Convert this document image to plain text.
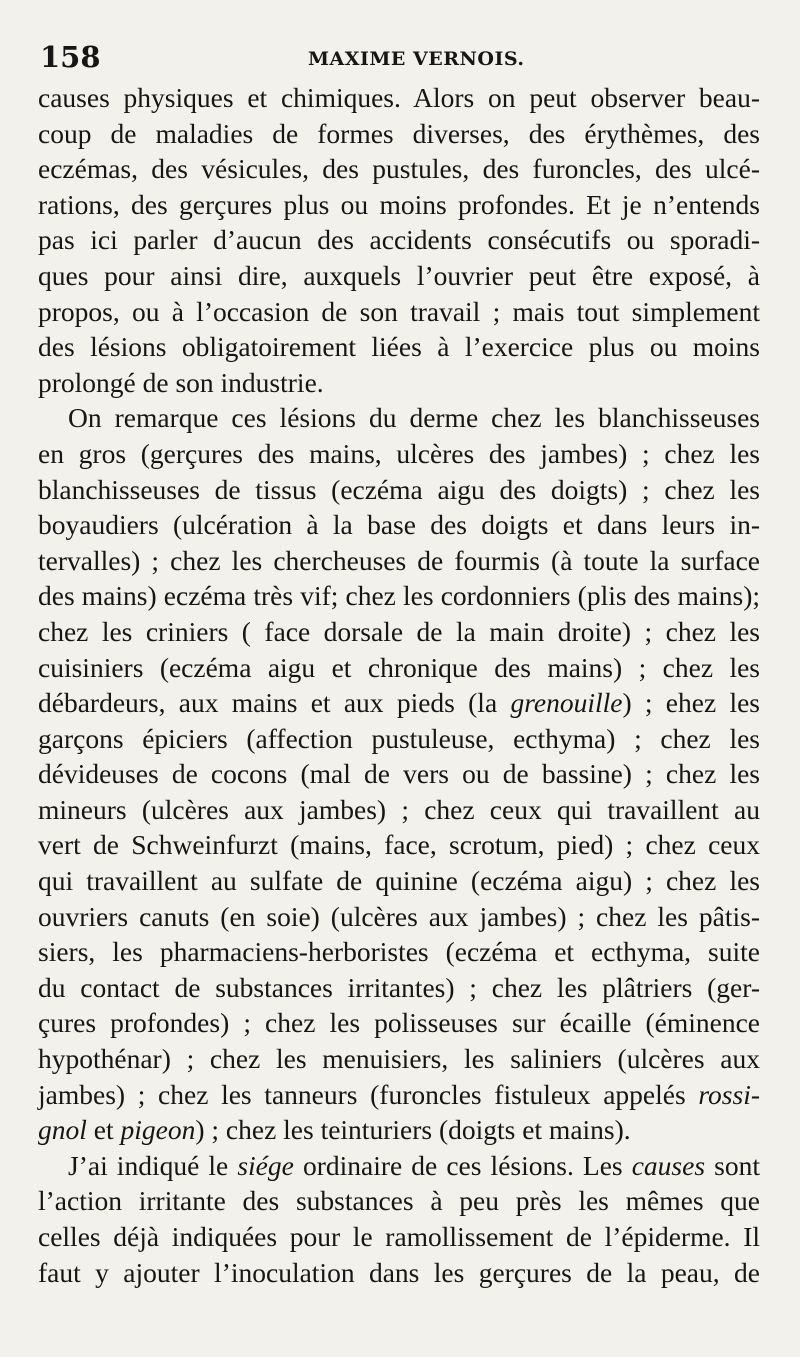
158	MAXIME VERNOIS.
causes physiques et chimiques. Alors on peut observer beau-
coup de maladies de formes diverses, des érythèmes, des
eczémas, des vésicules, des pustules, des furoncles, des ulcé-
rations, des gerçures plus ou moins profondes. Et je n’entends
pas ici parler d’aucun des accidents consécutifs ou sporadi-
ques pour ainsi dire, auxquels l’ouvrier peut être exposé, à
propos, ou à l’occasion de son travail ; mais tout simplement
des lésions obligatoirement liées à l’exercice plus ou moins
prolongé de son industrie.
On remarque ces lésions du derme chez les blanchisseuses
en gros (gerçures des mains, ulcères des jambes) ; chez les
blanchisseuses de tissus (eczéma aigu des doigts) ; chez les
boyaudiers (ulcération à la base des doigts et dans leurs in-
tervalles) ; chez les chercheuses de fourmis (à toute la surface
des mains) eczéma très vif; chez les cordonniers (plis des mains);
chez les criniers ( face dorsale de la main droite) ; chez les
cuisiniers (eczéma aigu et chronique des mains) ; chez les
débardeurs, aux mains et aux pieds (la grenouille) ; ehez les
garçons épiciers (affection pustuleuse, ecthyma) ; chez les
dévideuses de cocons (mal de vers ou de bassine) ; chez les
mineurs (ulcères aux jambes) ; chez ceux qui travaillent au
vert de Schweinfurzt (mains, face, scrotum, pied) ; chez ceux
qui travaillent au sulfate de quinine (eczéma aigu) ; chez les
ouvriers canuts (en soie) (ulcères aux jambes) ; chez les pâtis-
siers, les pharmaciens-herboristes (eczéma et ecthyma, suite
du contact de substances irritantes) ; chez les plâtriers (ger-
çures profondes) ; chez les polisseuses sur écaille (éminence
hypothénar) ; chez les menuisiers, les saliniers (ulcères aux
jambes) ; chez les tanneurs (furoncles fistuleux appelés rossi-
gnol et pigeon) ; chez les teinturiers (doigts et mains).
J’ai indiqué le siége ordinaire de ces lésions. Les causes sont
l’action irritante des substances à peu près les mêmes que
celles déjà indiquées pour le ramollissement de l’épiderme. Il
faut y ajouter l’inoculation dans les gerçures de la peau, de
